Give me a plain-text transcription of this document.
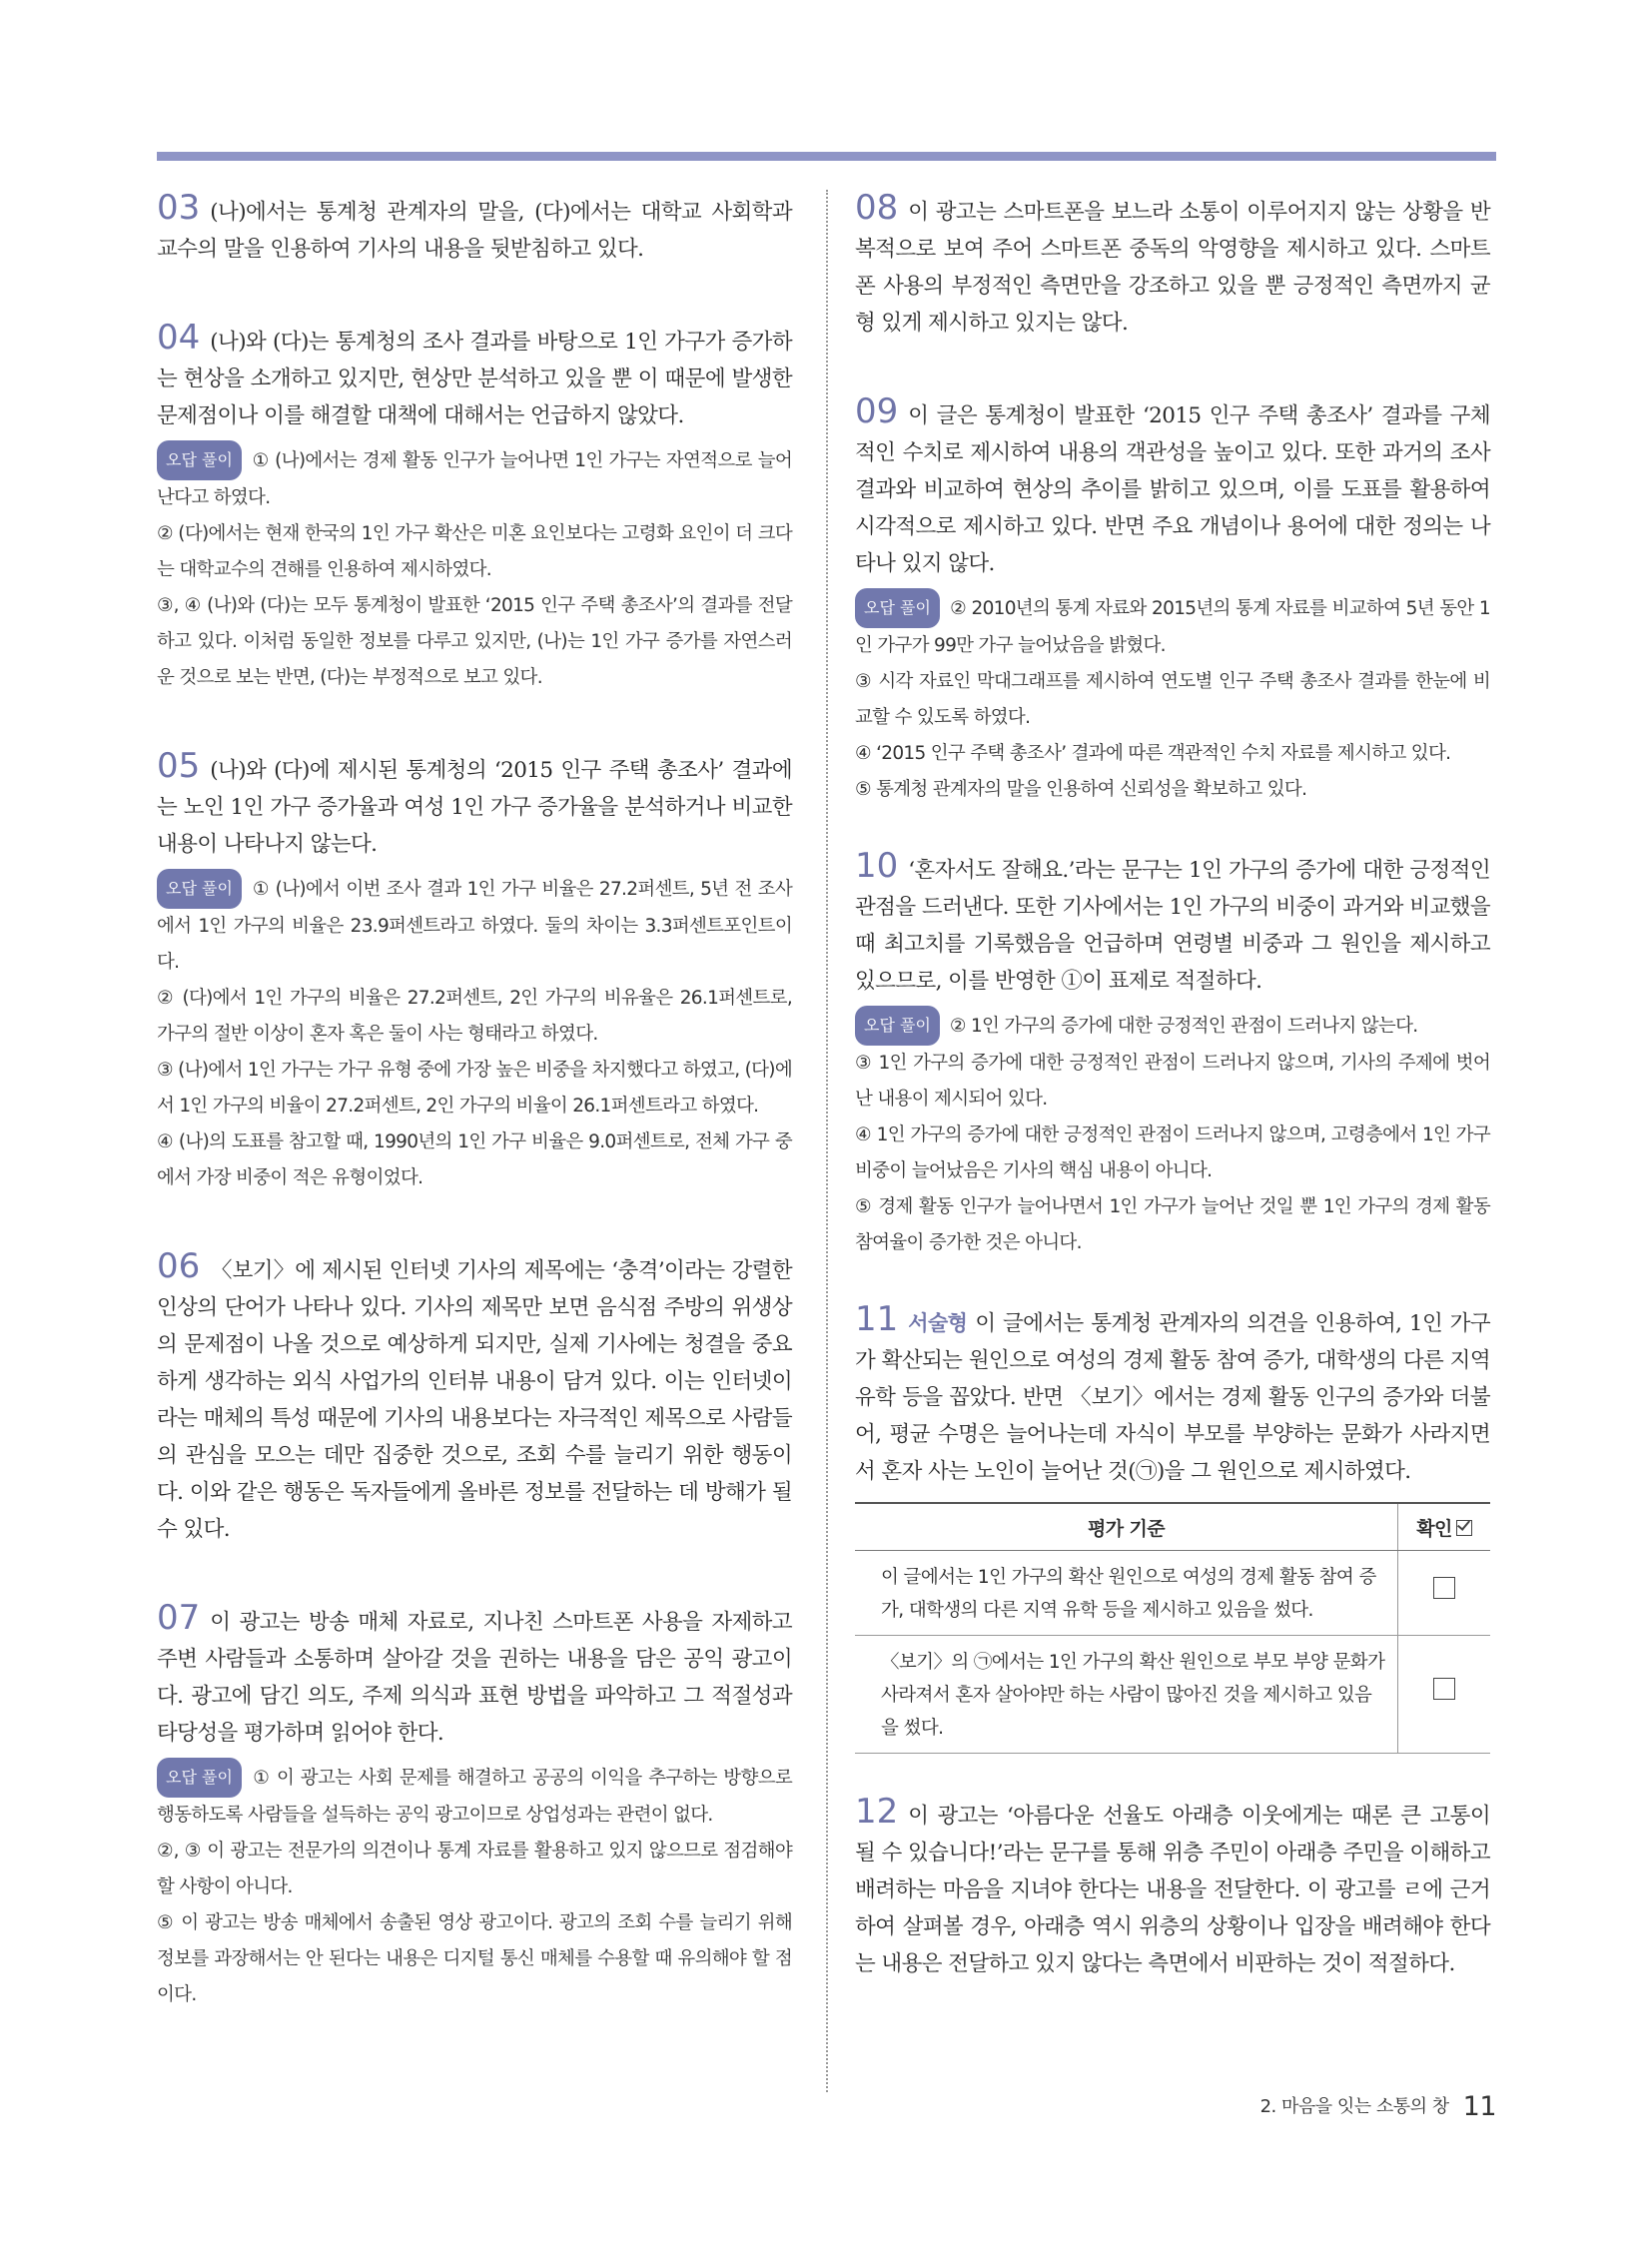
03 (나)에서는 통계청 관계자의 말을, (다)에서는 대학교 사회학과 교수의 말을 인용하여 기사의 내용을 뒷받침하고 있다.

04 (나)와 (다)는 통계청의 조사 결과를 바탕으로 1인 가구가 증가하는 현상을 소개하고 있지만, 현상만 분석하고 있을 뿐 이 때문에 발생한 문제점이나 이를 해결할 대책에 대해서는 언급하지 않았다.

오답 풀이 ① (나)에서는 경제 활동 인구가 늘어나면 1인 가구는 자연적으로 늘어난다고 하였다.

② (다)에서는 현재 한국의 1인 가구 확산은 미혼 요인보다는 고령화 요인이 더 크다는 대학교수의 견해를 인용하여 제시하였다.

③, ④ (나)와 (다)는 모두 통계청이 발표한 ‘2015 인구 주택 총조사’의 결과를 전달하고 있다. 이처럼 동일한 정보를 다루고 있지만, (나)는 1인 가구 증가를 자연스러운 것으로 보는 반면, (다)는 부정적으로 보고 있다.

05 (나)와 (다)에 제시된 통계청의 ‘2015 인구 주택 총조사’ 결과에는 노인 1인 가구 증가율과 여성 1인 가구 증가율을 분석하거나 비교한 내용이 나타나지 않는다.

오답 풀이 ① (나)에서 이번 조사 결과 1인 가구 비율은 27.2퍼센트, 5년 전 조사에서 1인 가구의 비율은 23.9퍼센트라고 하였다. 둘의 차이는 3.3퍼센트포인트이다.

② (다)에서 1인 가구의 비율은 27.2퍼센트, 2인 가구의 비유율은 26.1퍼센트로, 가구의 절반 이상이 혼자 혹은 둘이 사는 형태라고 하였다.

③ (나)에서 1인 가구는 가구 유형 중에 가장 높은 비중을 차지했다고 하였고, (다)에서 1인 가구의 비율이 27.2퍼센트, 2인 가구의 비율이 26.1퍼센트라고 하였다.

④ (나)의 도표를 참고할 때, 1990년의 1인 가구 비율은 9.0퍼센트로, 전체 가구 중에서 가장 비중이 적은 유형이었다.

06 〈보기〉에 제시된 인터넷 기사의 제목에는 ‘충격’이라는 강렬한 인상의 단어가 나타나 있다. 기사의 제목만 보면 음식점 주방의 위생상의 문제점이 나올 것으로 예상하게 되지만, 실제 기사에는 청결을 중요하게 생각하는 외식 사업가의 인터뷰 내용이 담겨 있다. 이는 인터넷이라는 매체의 특성 때문에 기사의 내용보다는 자극적인 제목으로 사람들의 관심을 모으는 데만 집중한 것으로, 조회 수를 늘리기 위한 행동이다. 이와 같은 행동은 독자들에게 올바른 정보를 전달하는 데 방해가 될 수 있다.

07 이 광고는 방송 매체 자료로, 지나친 스마트폰 사용을 자제하고 주변 사람들과 소통하며 살아갈 것을 권하는 내용을 담은 공익 광고이다. 광고에 담긴 의도, 주제 의식과 표현 방법을 파악하고 그 적절성과 타당성을 평가하며 읽어야 한다.

오답 풀이 ① 이 광고는 사회 문제를 해결하고 공공의 이익을 추구하는 방향으로 행동하도록 사람들을 설득하는 공익 광고이므로 상업성과는 관련이 없다.

②, ③ 이 광고는 전문가의 의견이나 통계 자료를 활용하고 있지 않으므로 점검해야 할 사항이 아니다.

⑤ 이 광고는 방송 매체에서 송출된 영상 광고이다. 광고의 조회 수를 늘리기 위해 정보를 과장해서는 안 된다는 내용은 디지털 통신 매체를 수용할 때 유의해야 할 점이다.

08 이 광고는 스마트폰을 보느라 소통이 이루어지지 않는 상황을 반복적으로 보여 주어 스마트폰 중독의 악영향을 제시하고 있다. 스마트폰 사용의 부정적인 측면만을 강조하고 있을 뿐 긍정적인 측면까지 균형 있게 제시하고 있지는 않다.

09 이 글은 통계청이 발표한 ‘2015 인구 주택 총조사’ 결과를 구체적인 수치로 제시하여 내용의 객관성을 높이고 있다. 또한 과거의 조사 결과와 비교하여 현상의 추이를 밝히고 있으며, 이를 도표를 활용하여 시각적으로 제시하고 있다. 반면 주요 개념이나 용어에 대한 정의는 나타나 있지 않다.

오답 풀이 ② 2010년의 통계 자료와 2015년의 통계 자료를 비교하여 5년 동안 1인 가구가 99만 가구 늘어났음을 밝혔다.

③ 시각 자료인 막대그래프를 제시하여 연도별 인구 주택 총조사 결과를 한눈에 비교할 수 있도록 하였다.

④ ‘2015 인구 주택 총조사’ 결과에 따른 객관적인 수치 자료를 제시하고 있다.

⑤ 통계청 관계자의 말을 인용하여 신뢰성을 확보하고 있다.

10 ‘혼자서도 잘해요.’라는 문구는 1인 가구의 증가에 대한 긍정적인 관점을 드러낸다. 또한 기사에서는 1인 가구의 비중이 과거와 비교했을 때 최고치를 기록했음을 언급하며 연령별 비중과 그 원인을 제시하고 있으므로, 이를 반영한 ①이 표제로 적절하다.

오답 풀이 ② 1인 가구의 증가에 대한 긍정적인 관점이 드러나지 않는다.

③ 1인 가구의 증가에 대한 긍정적인 관점이 드러나지 않으며, 기사의 주제에 벗어난 내용이 제시되어 있다.

④ 1인 가구의 증가에 대한 긍정적인 관점이 드러나지 않으며, 고령층에서 1인 가구 비중이 늘어났음은 기사의 핵심 내용이 아니다.

⑤ 경제 활동 인구가 늘어나면서 1인 가구가 늘어난 것일 뿐 1인 가구의 경제 활동 참여율이 증가한 것은 아니다.

11 서술형 이 글에서는 통계청 관계자의 의견을 인용하여, 1인 가구가 확산되는 원인으로 여성의 경제 활동 참여 증가, 대학생의 다른 지역 유학 등을 꼽았다. 반면 〈보기〉에서는 경제 활동 인구의 증가와 더불어, 평균 수명은 늘어나는데 자식이 부모를 부양하는 문화가 사라지면서 혼자 사는 노인이 늘어난 것(㉠)을 그 원인으로 제시하였다.

평가 기준	확인
이 글에서는 1인 가구의 확산 원인으로 여성의 경제 활동 참여 증가, 대학생의 다른 지역 유학 등을 제시하고 있음을 썼다.	
〈보기〉의 ㉠에서는 1인 가구의 확산 원인으로 부모 부양 문화가 사라져서 혼자 살아야만 하는 사람이 많아진 것을 제시하고 있음을 썼다.	

12 이 광고는 ‘아름다운 선율도 아래층 이웃에게는 때론 큰 고통이 될 수 있습니다!’라는 문구를 통해 위층 주민이 아래층 주민을 이해하고 배려하는 마음을 지녀야 한다는 내용을 전달한다. 이 광고를 ㄹ에 근거하여 살펴볼 경우, 아래층 역시 위층의 상황이나 입장을 배려해야 한다는 내용은 전달하고 있지 않다는 측면에서 비판하는 것이 적절하다.

2. 마음을 잇는 소통의 창 11
